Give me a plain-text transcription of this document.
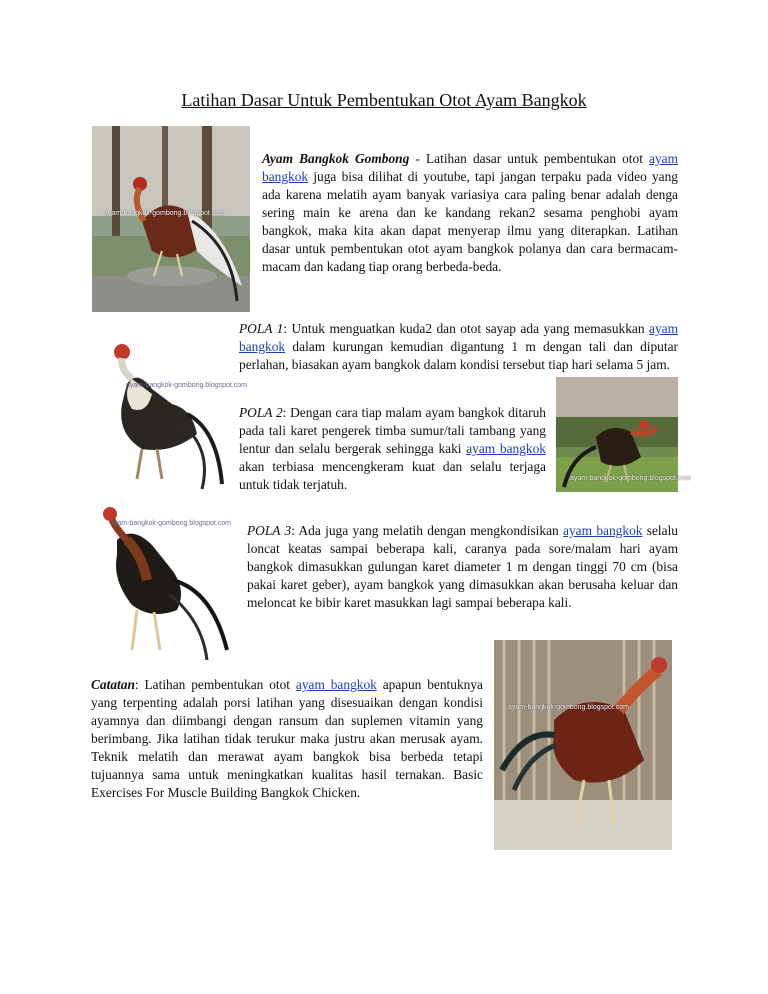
Latihan Dasar Untuk Pembentukan Otot Ayam Bangkok
ayam-bangkok-gombong.blogspot.com

Ayam Bangkok Gombong - Latihan dasar untuk pembentukan otot ayam bangkok juga bisa dilihat di youtube, tapi jangan terpaku pada video yang ada karena melatih ayam banyak variasiya cara paling benar adalah denga sering main ke arena dan ke kandang rekan2 sesama penghobi ayam bangkok, maka kita akan dapat menyerap ilmu yang diterapkan. Latihan dasar untuk pembentukan otot ayam bangkok polanya dan cara bermacam-macam dan kadang tiap orang berbeda-beda.

ayam-bangkok-gombong.blogspot.com

POLA 1: Untuk menguatkan kuda2 dan otot sayap ada yang memasukkan ayam bangkok dalam kurungan kemudian digantung 1 m dengan tali dan diputar perlahan, biasakan ayam bangkok dalam kondisi tersebut tiap hari selama 5 jam.

ayam-bangkok-gombong.blogspot.com

POLA 2: Dengan cara tiap malam ayam bangkok ditaruh pada tali karet pengerek timba sumur/tali tambang yang lentur dan selalu bergerak sehingga kaki ayam bangkok akan terbiasa mencengkeram kuat dan selalu terjaga untuk tidak terjatuh.

ayam-bangkok-gombong.blogspot.com POLA 3: Ada juga yang melatih dengan mengkondisikan ayam bangkok selalu loncat keatas sampai beberapa kali, caranya pada sore/malam hari ayam bangkok dimasukkan gulungan karet diameter 1 m dengan tinggi 70 cm (bisa pakai karet geber), ayam bangkok yang dimasukkan akan berusaha keluar dan meloncat ke bibir karet masukkan lagi sampai beberapa kali.

Catatan: Latihan pembentukan otot ayam bangkok apapun bentuknya yang terpenting adalah porsi latihan yang disesuaikan dengan kondisi ayamnya dan diimbangi dengan ransum dan suplemen vitamin yang berimbang. Jika latihan tidak terukur maka justru akan merusak ayam. Teknik melatih dan merawat ayam bangkok bisa berbeda tetapi tujuannya sama untuk meningkatkan kualitas hasil ternakan. Basic Exercises For Muscle Building Bangkok Chicken.

ayam-bangkok-gombong.blogspot.com
